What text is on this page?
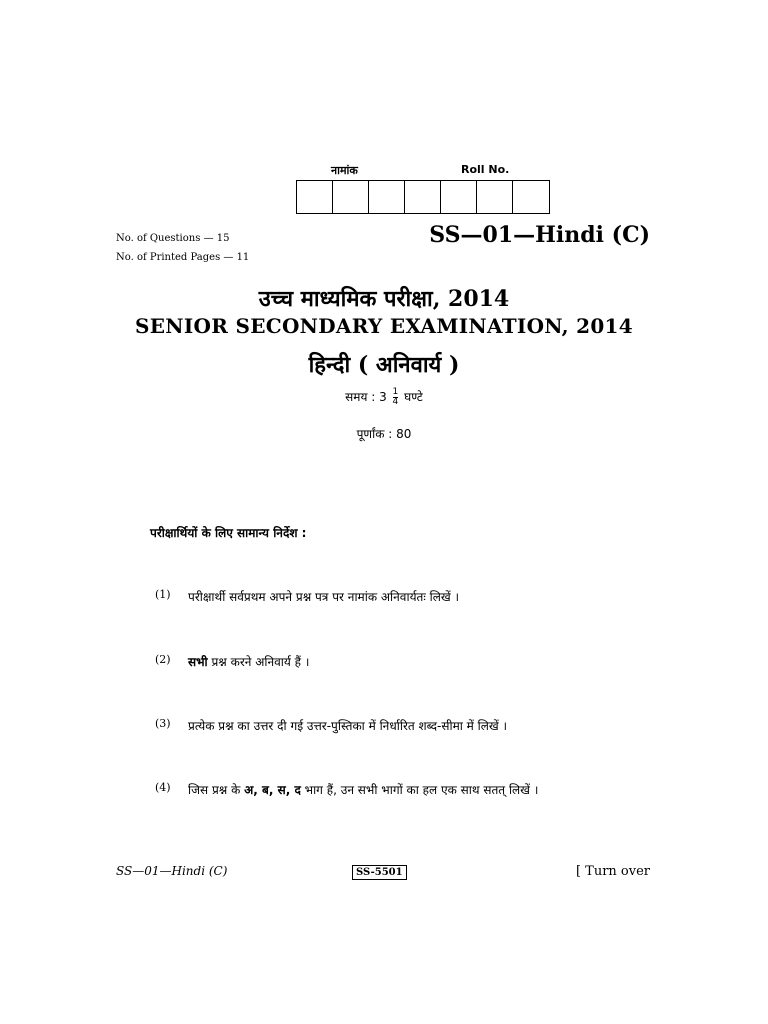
नामांक	Roll No.
No. of Questions — 15
No. of Printed Pages — 11
SS—01—Hindi (C)
उच्च माध्यमिक परीक्षा, 2014
SENIOR SECONDARY EXAMINATION, 2014
हिन्दी ( अनिवार्य )
समय : $3 \frac{1}{4}$ घण्टे
पूर्णांक : 80
परीक्षार्थियों के लिए सामान्य निर्देश :
(1)	परीक्षार्थी सर्वप्रथम अपने प्रश्न पत्र पर नामांक अनिवार्यतः लिखें ।
(2)	सभी प्रश्न करने अनिवार्य हैं ।
(3)	प्रत्येक प्रश्न का उत्तर दी गई उत्तर-पुस्तिका में निर्धारित शब्द-सीमा में लिखें ।
(4)	जिस प्रश्न के अ, ब, स, द भाग हैं, उन सभी भागों का हल एक साथ सतत् लिखें ।
SS—01—Hindi (C)	SS-5501	[ Turn over
